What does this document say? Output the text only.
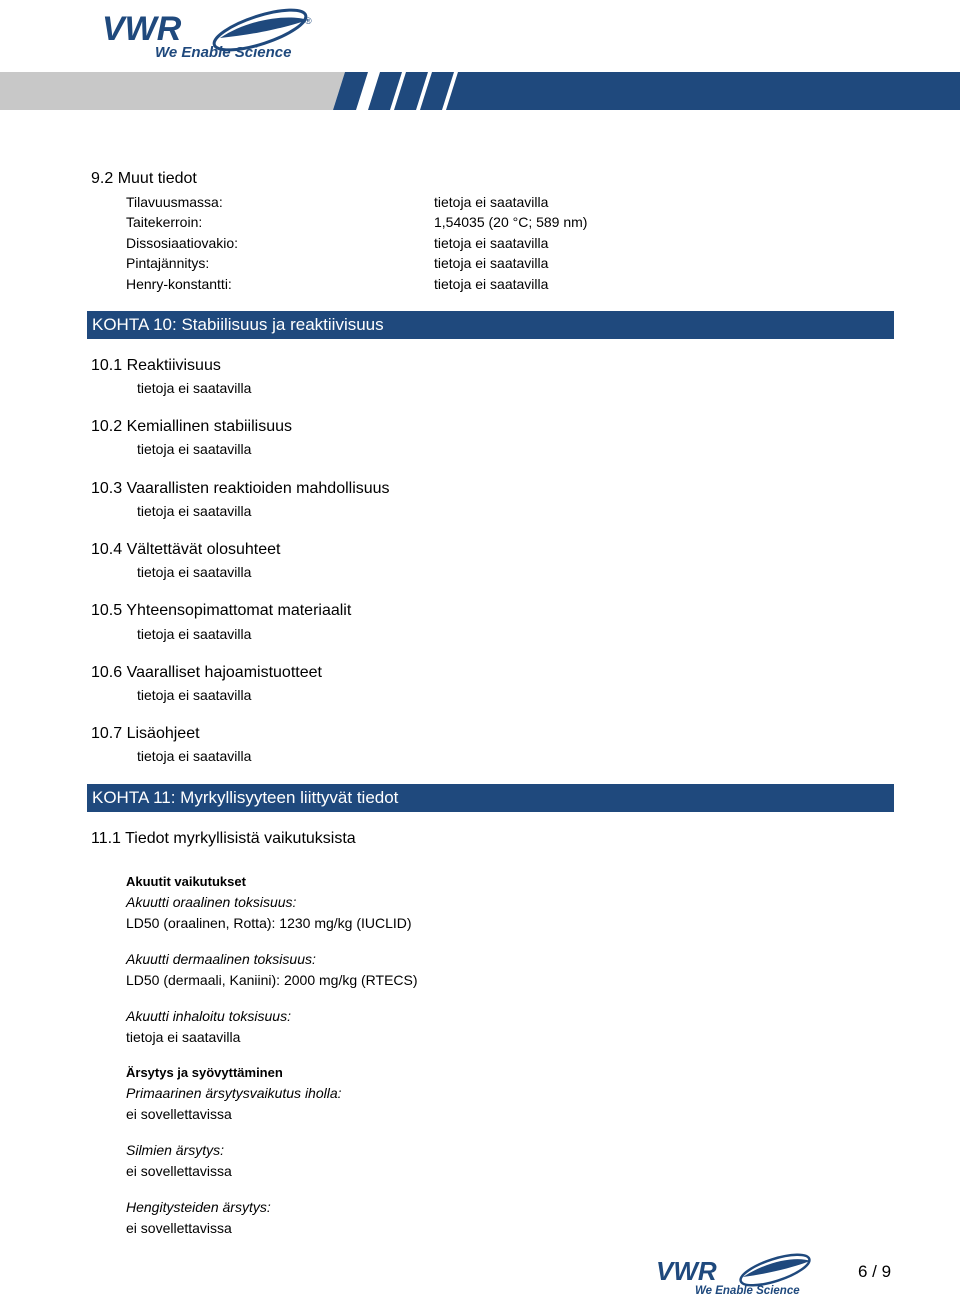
VWR	®
We Enable Science
9.2 Muut tiedot
Tilavuusmassa:	tietoja ei saatavilla
Taitekerroin:	1,54035 (20 °C; 589 nm)
Dissosiaatiovakio:	tietoja ei saatavilla
Pintajännitys:	tietoja ei saatavilla
Henry-konstantti:	tietoja ei saatavilla
KOHTA 10: Stabiilisuus ja reaktiivisuus
10.1 Reaktiivisuus
tietoja ei saatavilla
10.2 Kemiallinen stabiilisuus
tietoja ei saatavilla
10.3 Vaarallisten reaktioiden mahdollisuus
tietoja ei saatavilla
10.4 Vältettävät olosuhteet
tietoja ei saatavilla
10.5 Yhteensopimattomat materiaalit
tietoja ei saatavilla
10.6 Vaaralliset hajoamistuotteet
tietoja ei saatavilla
10.7 Lisäohjeet
tietoja ei saatavilla
KOHTA 11: Myrkyllisyyteen liittyvät tiedot
11.1 Tiedot myrkyllisistä vaikutuksista
Akuutit vaikutukset
Akuutti oraalinen toksisuus:
LD50 (oraalinen, Rotta): 1230 mg/kg (IUCLID)
Akuutti dermaalinen toksisuus:
LD50 (dermaali, Kaniini): 2000 mg/kg (RTECS)
Akuutti inhaloitu toksisuus:
tietoja ei saatavilla
Ärsytys ja syövyttäminen
Primaarinen ärsytysvaikutus iholla:
ei sovellettavissa
Silmien ärsytys:
ei sovellettavissa
Hengitysteiden ärsytys:
ei sovellettavissa
VWR
We Enable Science
6 / 9
